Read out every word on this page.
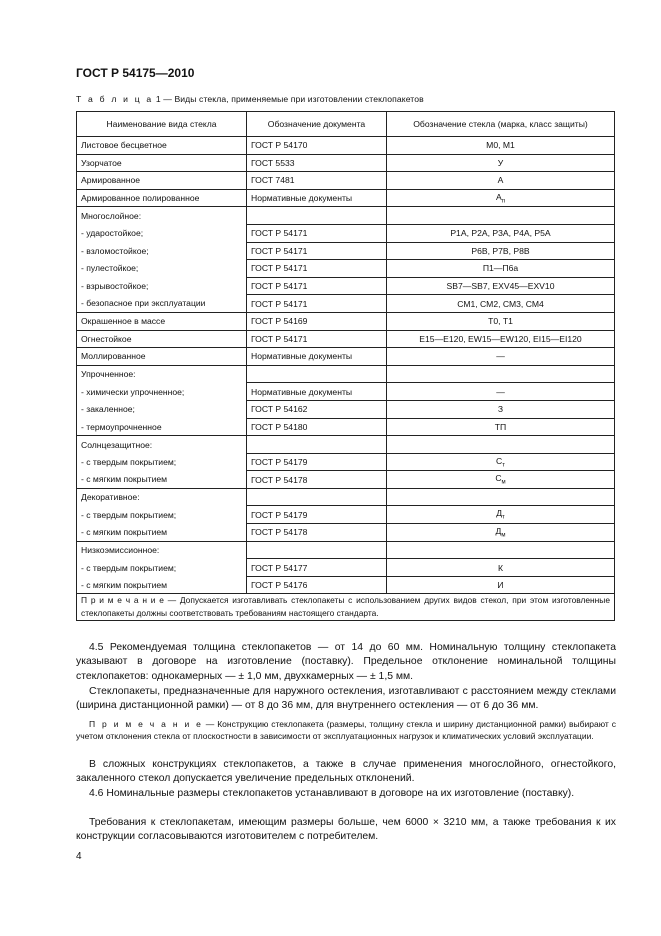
ГОСТ Р 54175—2010
Т а б л и ц а 1 — Виды стекла, применяемые при изготовлении стеклопакетов
Наименование вида стекла	Обозначение документа	Обозначение стекла (марка, класс защиты)
Листовое бесцветное	ГОСТ Р 54170	М0, М1
Узорчатое	ГОСТ 5533	У
Армированное	ГОСТ 7481	А
Армированное полированное	Нормативные документы	$А_п$
Многослойное:		
- ударостойкое;	ГОСТ Р 54171	Р1А, Р2А, Р3А, Р4А, Р5А
- взломостойкое;	ГОСТ Р 54171	Р6В, Р7В, Р8В
- пулестойкое;	ГОСТ Р 54171	П1—П6а
- взрывостойкое;	ГОСТ Р 54171	SB7—SB7, EXV45—EXV10
- безопасное при эксплуатации	ГОСТ Р 54171	СМ1, СМ2, СМ3, СМ4
Окрашенное в массе	ГОСТ Р 54169	Т0, Т1
Огнестойкое	ГОСТ Р 54171	E15—E120, EW15—EW120, EI15—EI120
Моллированное	Нормативные документы	—
Упрочненное:		
- химически упрочненное;	Нормативные документы	—
- закаленное;	ГОСТ Р 54162	З
- термоупрочненное	ГОСТ Р 54180	ТП
Солнцезащитное:		
- с твердым покрытием;	ГОСТ Р 54179	$С_т$
- с мягким покрытием	ГОСТ Р 54178	$С_м$
Декоративное:		
- с твердым покрытием;	ГОСТ Р 54179	$Д_т$
- с мягким покрытием	ГОСТ Р 54178	$Д_м$
Низкоэмиссионное:		
- с твердым покрытием;	ГОСТ Р 54177	К
- с мягким покрытием	ГОСТ Р 54176	И
П р и м е ч а н и е — Допускается изготавливать стеклопакеты с использованием других видов стекол, при этом изготовленные стеклопакеты должны соответствовать требованиям настоящего стандарта.		
4.5 Рекомендуемая толщина стеклопакетов — от 14 до 60 мм. Номинальную толщину стеклопакета указывают в договоре на изготовление (поставку). Предельное отклонение номинальной толщины стеклопакетов: однокамерных — ± 1,0 мм, двухкамерных — ± 1,5 мм.
Стеклопакеты, предназначенные для наружного остекления, изготавливают с расстоянием между стеклами (ширина дистанционной рамки) — от 8 до 36 мм, для внутреннего остекления — от 6 до 36 мм.
П р и м е ч а н и е — Конструкцию стеклопакета (размеры, толщину стекла и ширину дистанционной рамки) выбирают с учетом отклонения стекла от плоскостности в зависимости от эксплуатационных нагрузок и климатических условий эксплуатации.
В сложных конструкциях стеклопакетов, а также в случае применения многослойного, огнестойкого, закаленного стекол допускается увеличение предельных отклонений.
4.6 Номинальные размеры стеклопакетов устанавливают в договоре на их изготовление (поставку).
Требования к стеклопакетам, имеющим размеры больше, чем 6000 × 3210 мм, а также требования к их конструкции согласовываются изготовителем с потребителем.
4
